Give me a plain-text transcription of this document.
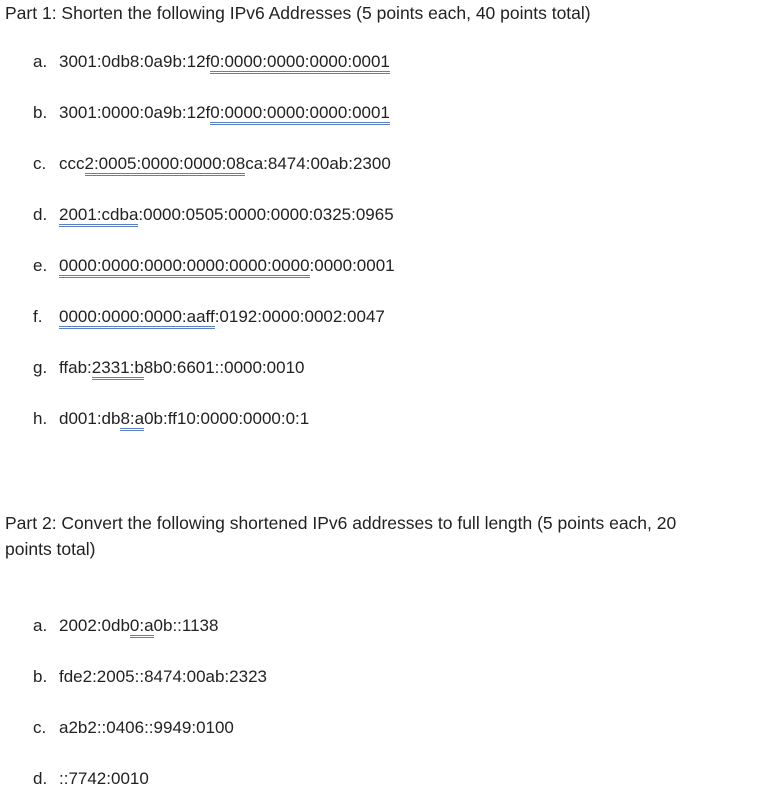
Part 1: Shorten the following IPv6 Addresses (5 points each, 40 points total)

a. 3001:0db8:0a9b:12f0:0000:0000:0000:0001
b. 3001:0000:0a9b:12f0:0000:0000:0000:0001
c. ccc2:0005:0000:0000:08ca:8474:00ab:2300
d. 2001:cdba:0000:0505:0000:0000:0325:0965
e. 0000:0000:0000:0000:0000:0000:0000:0001
f. 0000:0000:0000:aaff:0192:0000:0002:0047
g. ffab:2331:b8b0:6601::0000:0010
h. d001:db8:a0b:ff10:0000:0000:0:1

Part 2: Convert the following shortened IPv6 addresses to full length (5 points each, 20 points total)

a. 2002:0db0:a0b::1138
b. fde2:2005::8474:00ab:2323
c. a2b2::0406::9949:0100
d. ::7742:0010
